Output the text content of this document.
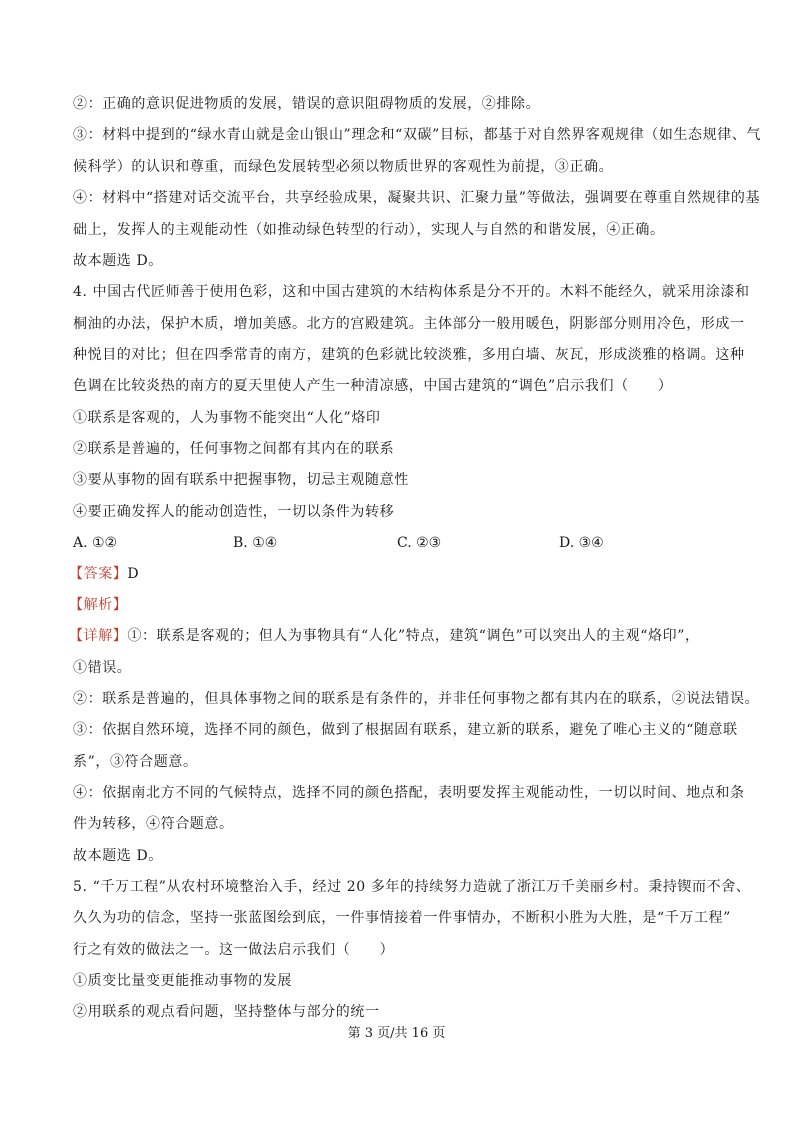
②：正确的意识促进物质的发展，错误的意识阻碍物质的发展，②排除。
③：材料中提到的“绿水青山就是金山银山”理念和“双碳”目标，都基于对自然界客观规律（如生态规律、气
候科学）的认识和尊重，而绿色发展转型必须以物质世界的客观性为前提，③正确。
④：材料中“搭建对话交流平台，共享经验成果，凝聚共识、汇聚力量”等做法，强调要在尊重自然规律的基
础上，发挥人的主观能动性（如推动绿色转型的行动），实现人与自然的和谐发展，④正确。
故本题选 D。
4. 中国古代匠师善于使用色彩，这和中国古建筑的木结构体系是分不开的。木料不能经久，就采用涂漆和
桐油的办法，保护木质，增加美感。北方的宫殿建筑。主体部分一般用暖色，阴影部分则用冷色，形成一
种悦目的对比；但在四季常青的南方，建筑的色彩就比较淡雅，多用白墙、灰瓦，形成淡雅的格调。这种
色调在比较炎热的南方的夏天里使人产生一种清凉感，中国古建筑的“调色”启示我们（　　）
①联系是客观的，人为事物不能突出“人化”烙印
②联系是普遍的，任何事物之间都有其内在的联系
③要从事物的固有联系中把握事物，切忌主观随意性
④要正确发挥人的能动创造性，一切以条件为转移
A. ①②	B. ①④	C. ②③	D. ③④
【答案】D
【解析】
【详解】①：联系是客观的；但人为事物具有“人化”特点，建筑“调色”可以突出人的主观“烙印”，
①错误。
②：联系是普遍的，但具体事物之间的联系是有条件的，并非任何事物之都有其内在的联系，②说法错误。
③：依据自然环境，选择不同的颜色，做到了根据固有联系，建立新的联系，避免了唯心主义的“随意联
系”，③符合题意。
④：依据南北方不同的气候特点，选择不同的颜色搭配，表明要发挥主观能动性，一切以时间、地点和条
件为转移，④符合题意。
故本题选 D。
5. “千万工程”从农村环境整治入手，经过 20 多年的持续努力造就了浙江万千美丽乡村。秉持锲而不舍、
久久为功的信念，坚持一张蓝图绘到底，一件事情接着一件事情办，不断积小胜为大胜，是“千万工程”
行之有效的做法之一。这一做法启示我们（　　）
①质变比量变更能推动事物的发展
②用联系的观点看问题，坚持整体与部分的统一
第 3 页/共 16 页
